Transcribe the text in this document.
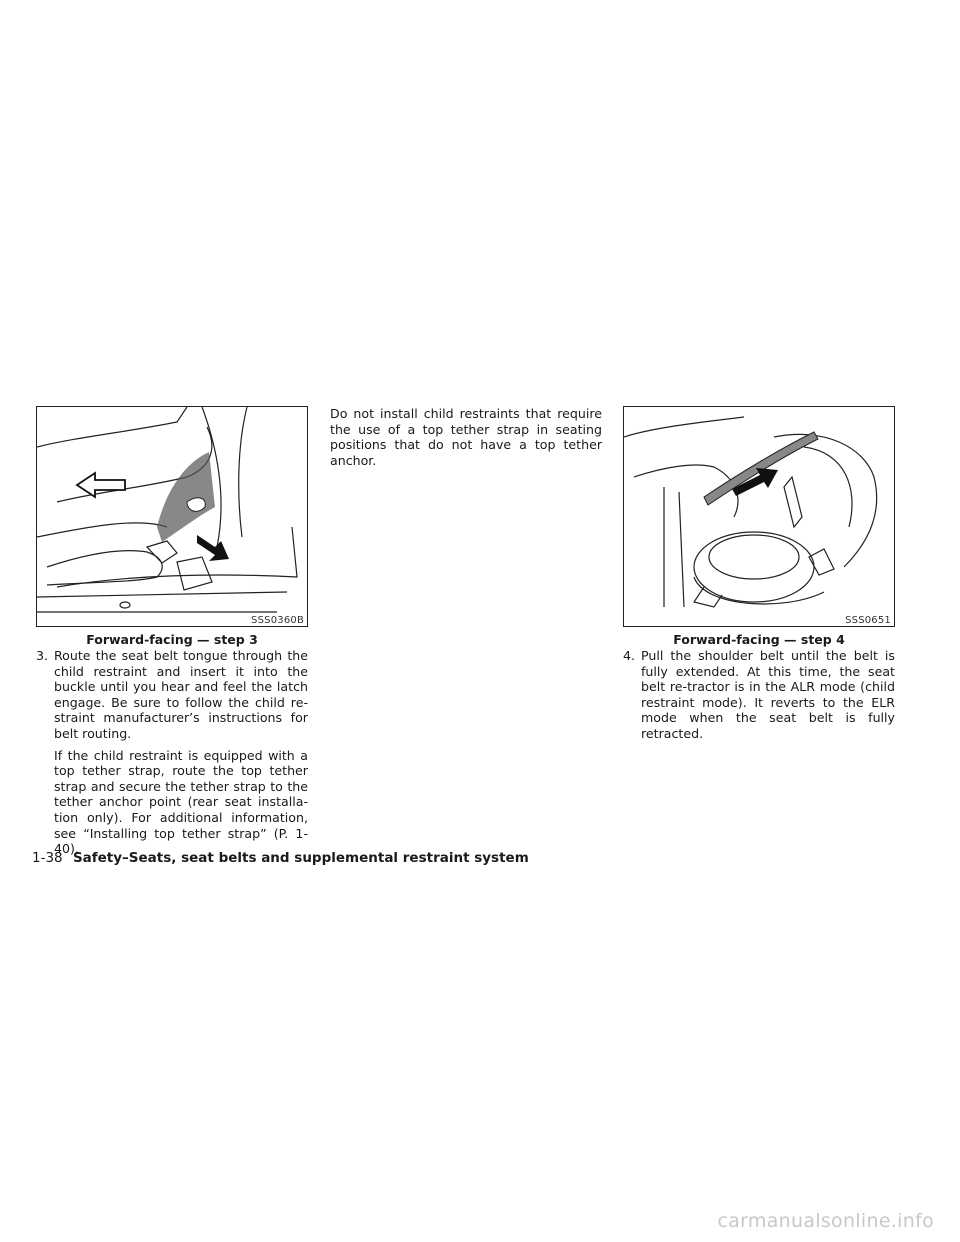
SSS0360B
Forward-facing — step 3
SSS0651
Forward-facing — step 4
3. Route the seat belt tongue through the child restraint and insert it into the buckle until you hear and feel the latch engage. Be sure to follow the child re-straint manufacturer’s instructions for belt routing.

If the child restraint is equipped with a top tether strap, route the top tether strap and secure the tether strap to the tether anchor point (rear seat installa-tion only). For additional information, see “Installing top tether strap” (P. 1-40).

Do not install child restraints that require the use of a top tether strap in seating positions that do not have a top tether anchor.
4. Pull the shoulder belt until the belt is fully extended. At this time, the seat belt re-tractor is in the ALR mode (child restraint mode). It reverts to the ELR mode when the seat belt is fully retracted.

1-38 Safety–Seats, seat belts and supplemental restraint system
carmanualsonline.info
